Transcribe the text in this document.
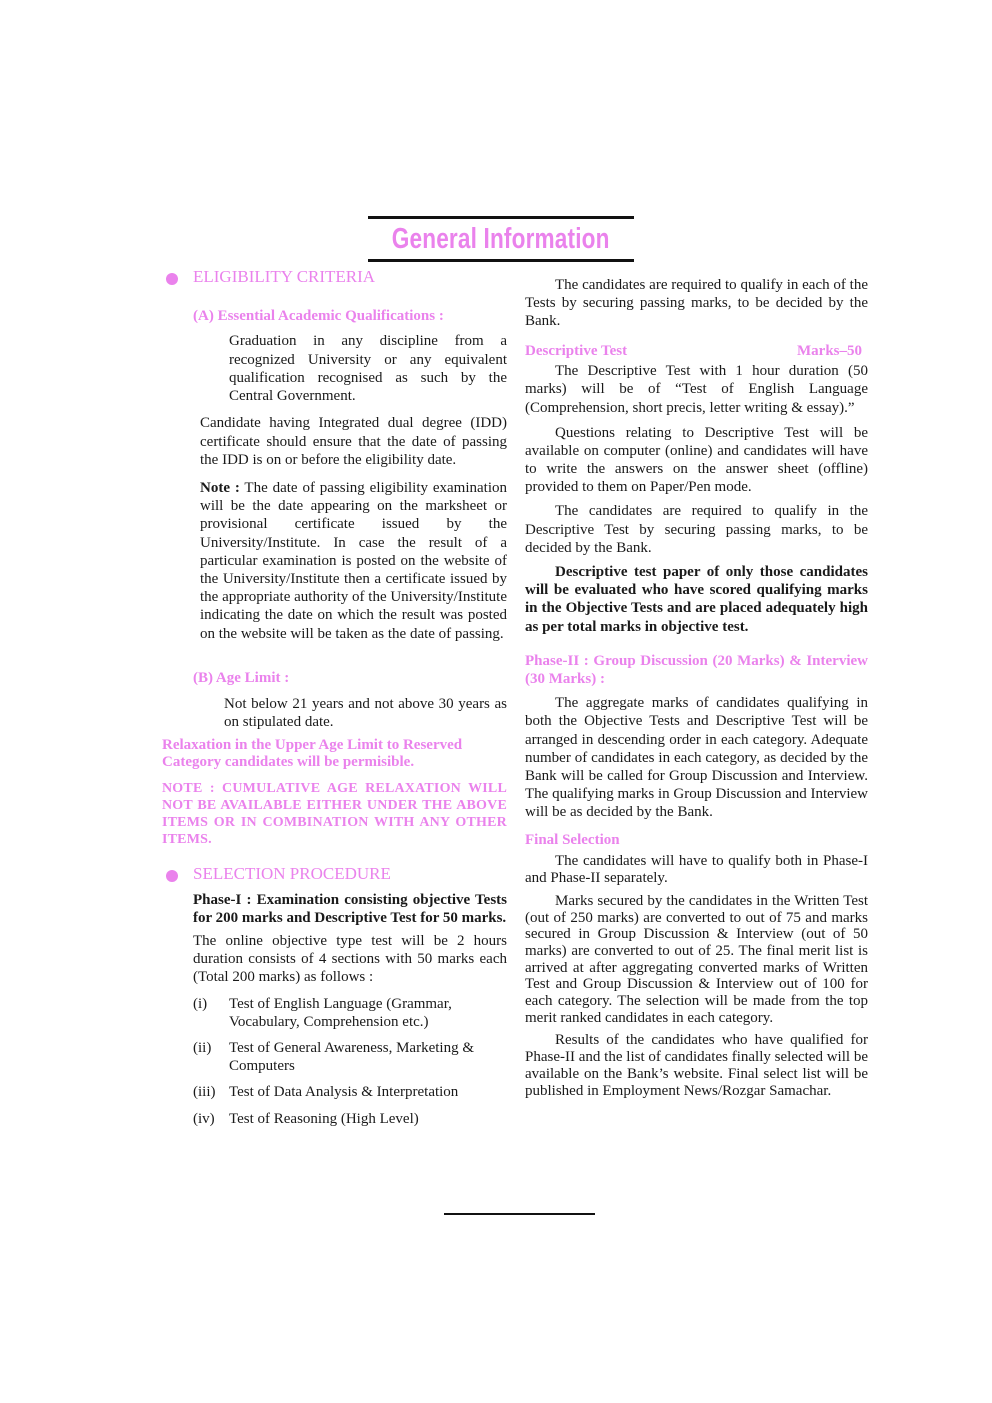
General Information
ELIGIBILITY CRITERIA
(A) Essential Academic Qualifications :

Graduation in any discipline from a recognized University or any equivalent qualification recognised as such by the Central Government.

Candidate having Integrated dual degree (IDD) certificate should ensure that the date of passing the IDD is on or before the eligibility date.

Note : The date of passing eligibility examination will be the date appearing on the marksheet or provisional certificate issued by the University/Institute. In case the result of a particular examination is posted on the website of the University/Institute then a certificate issued by the appropriate authority of the University/Institute indicating the date on which the result was posted on the website will be taken as the date of passing.

(B) Age Limit :

Not below 21 years and not above 30 years as on stipulated date.

Relaxation in the Upper Age Limit to Reserved Category candidates will be permisible.

NOTE : CUMULATIVE AGE RELAXATION WILL NOT BE AVAILABLE EITHER UNDER THE ABOVE ITEMS OR IN COMBINATION WITH ANY OTHER ITEMS.

SELECTION PROCEDURE

Phase-I : Examination consisting objective Tests for 200 marks and Descriptive Test for 50 marks.

The online objective type test will be 2 hours duration consists of 4 sections with 50 marks each (Total 200 marks) as follows :

(i) Test of English Language (Grammar, Vocabulary, Comprehension etc.)
(ii) Test of General Awareness, Marketing & Computers
(iii) Test of Data Analysis & Interpretation
(iv) Test of Reasoning (High Level)

The candidates are required to qualify in each of the Tests by securing passing marks, to be decided by the Bank.

Descriptive Test	Marks–50

The Descriptive Test with 1 hour duration (50 marks) will be of “Test of English Language (Comprehension, short precis, letter writing & essay).”

Questions relating to Descriptive Test will be available on computer (online) and candidates will have to write the answers on the answer sheet (offline) provided to them on Paper/Pen mode.

The candidates are required to qualify in the Descriptive Test by securing passing marks, to be decided by the Bank.

Descriptive test paper of only those candidates will be evaluated who have scored qualifying marks in the Objective Tests and are placed adequately high as per total marks in objective test.

Phase-II : Group Discussion (20 Marks) & Interview (30 Marks) :

The aggregate marks of candidates qualifying in both the Objective Tests and Descriptive Test will be arranged in descending order in each category. Adequate number of candidates in each category, as decided by the Bank will be called for Group Discussion and Interview. The qualifying marks in Group Discussion and Interview will be as decided by the Bank.

Final Selection

The candidates will have to qualify both in Phase-I and Phase-II separately.

Marks secured by the candidates in the Written Test (out of 250 marks) are converted to out of 75 and marks secured in Group Discussion & Interview (out of 50 marks) are converted to out of 25. The final merit list is arrived at after aggregating converted marks of Written Test and Group Discussion & Interview out of 100 for each category. The selection will be made from the top merit ranked candidates in each category.

Results of the candidates who have qualified for Phase-II and the list of candidates finally selected will be available on the Bank’s website. Final select list will be published in Employment News/Rozgar Samachar.
